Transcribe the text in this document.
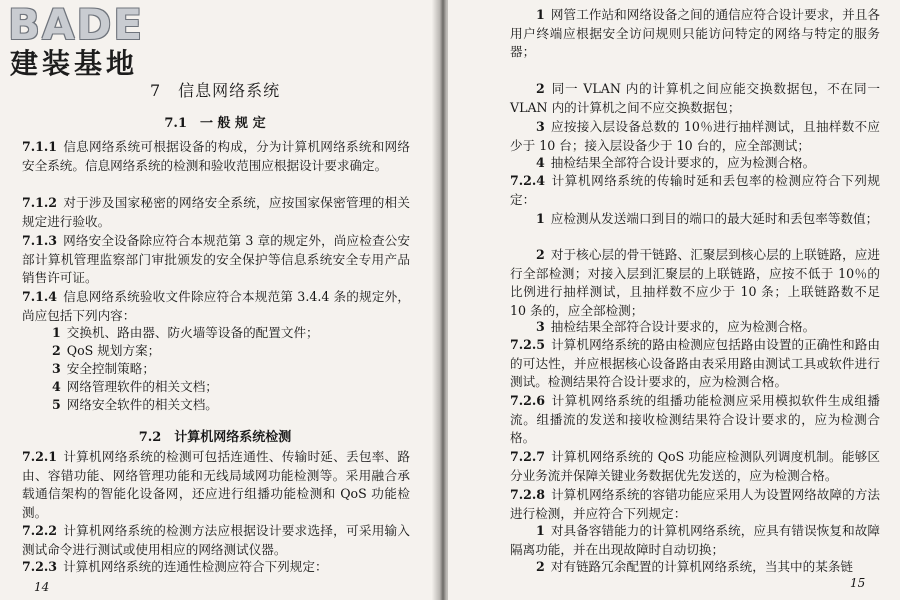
BADE
建装基地
7　信息网络系统
7.1　一 般 规 定
7.1.1 信息网络系统可根据设备的构成，分为计算机网络系统和网络安全系统。信息网络系统的检测和验收范围应根据设计要求确定。
7.1.2 对于涉及国家秘密的网络安全系统，应按国家保密管理的相关规定进行验收。
7.1.3 网络安全设备除应符合本规范第 3 章的规定外，尚应检查公安部计算机管理监察部门审批颁发的安全保护等信息系统安全专用产品销售许可证。
7.1.4 信息网络系统验收文件除应符合本规范第 3.4.4 条的规定外，尚应包括下列内容：
1 交换机、路由器、防火墙等设备的配置文件；
2 QoS 规划方案；
3 安全控制策略；
4 网络管理软件的相关文档；
5 网络安全软件的相关文档。
7.2　计算机网络系统检测
7.2.1 计算机网络系统的检测可包括连通性、传输时延、丢包率、路由、容错功能、网络管理功能和无线局域网功能检测等。采用融合承载通信架构的智能化设备网，还应进行组播功能检测和 QoS 功能检测。
7.2.2 计算机网络系统的检测方法应根据设计要求选择，可采用输入测试命令进行测试或使用相应的网络测试仪器。
7.2.3 计算机网络系统的连通性检测应符合下列规定：
14
1 网管工作站和网络设备之间的通信应符合设计要求，并且各用户终端应根据安全访问规则只能访问特定的网络与特定的服务器；
2 同一 VLAN 内的计算机之间应能交换数据包，不在同一 VLAN 内的计算机之间不应交换数据包；
3 应按接入层设备总数的 10％进行抽样测试，且抽样数不应少于 10 台；接入层设备少于 10 台的，应全部测试；
4 抽检结果全部符合设计要求的，应为检测合格。
7.2.4 计算机网络系统的传输时延和丢包率的检测应符合下列规定：
1 应检测从发送端口到目的端口的最大延时和丢包率等数值；
2 对于核心层的骨干链路、汇聚层到核心层的上联链路，应进行全部检测；对接入层到汇聚层的上联链路，应按不低于 10％的比例进行抽样测试，且抽样数不应少于 10 条；上联链路数不足 10 条的，应全部检测；
3 抽检结果全部符合设计要求的，应为检测合格。
7.2.5 计算机网络系统的路由检测应包括路由设置的正确性和路由的可达性，并应根据核心设备路由表采用路由测试工具或软件进行测试。检测结果符合设计要求的，应为检测合格。
7.2.6 计算机网络系统的组播功能检测应采用模拟软件生成组播流。组播流的发送和接收检测结果符合设计要求的，应为检测合格。
7.2.7 计算机网络系统的 QoS 功能应检测队列调度机制。能够区分业务流并保障关键业务数据优先发送的，应为检测合格。
7.2.8 计算机网络系统的容错功能应采用人为设置网络故障的方法进行检测，并应符合下列规定：
1 对具备容错能力的计算机网络系统，应具有错误恢复和故障隔离功能，并在出现故障时自动切换；
2 对有链路冗余配置的计算机网络系统，当其中的某条链
15
